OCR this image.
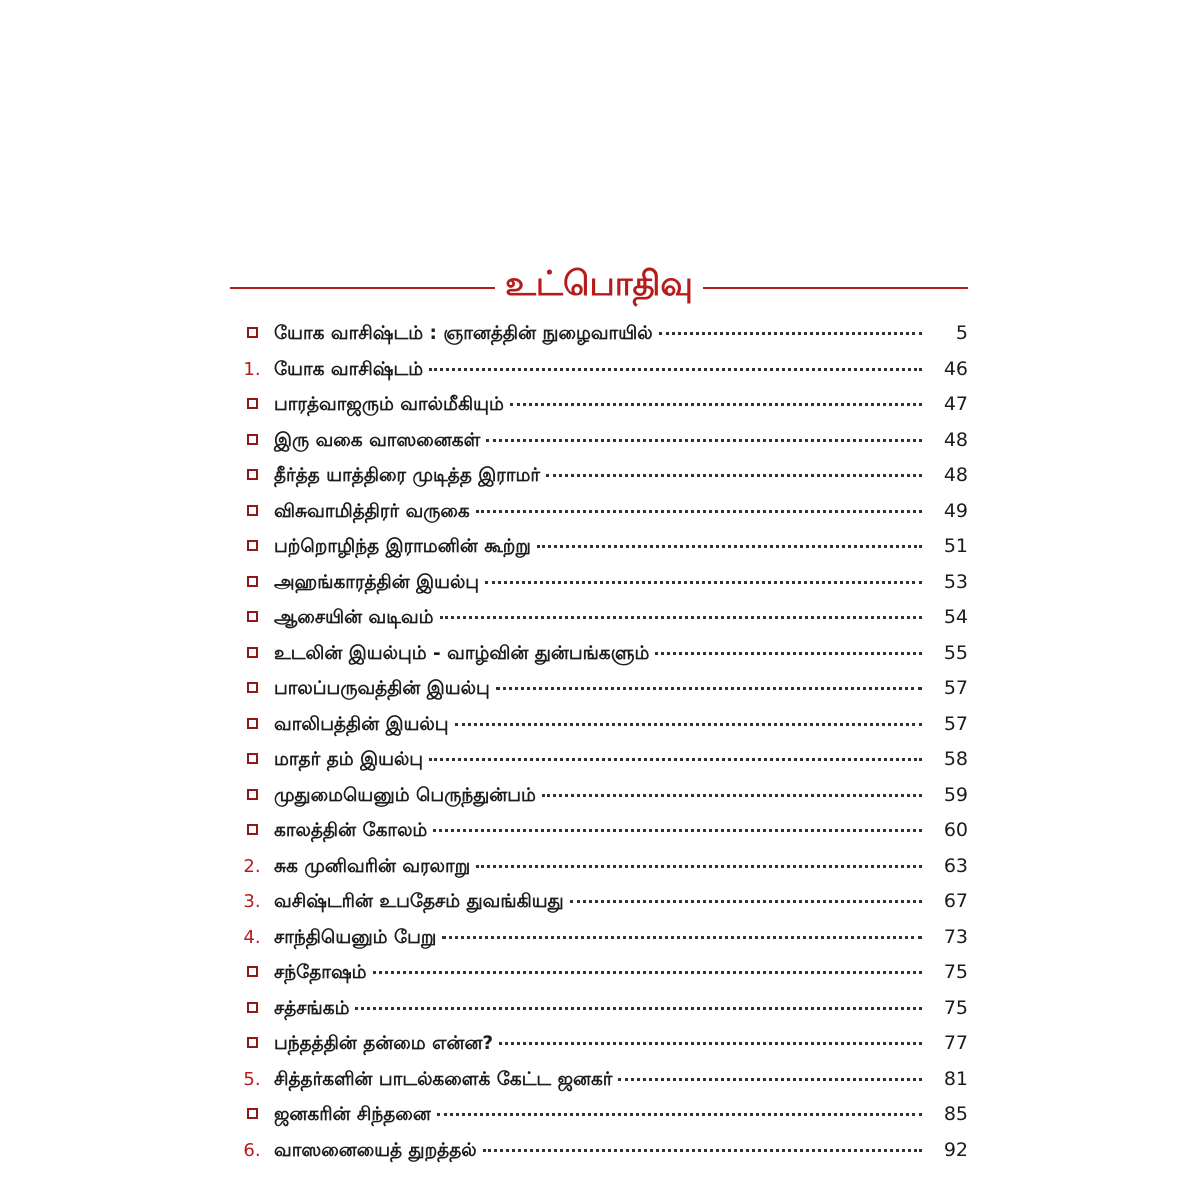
உட்பொதிவு
யோக வாசிஷ்டம் : ஞானத்தின் நுழைவாயில்	5
1. யோக வாசிஷ்டம்	46
பாரத்வாஜரும் வால்மீகியும்	47
இரு வகை வாஸனைகள்	48
தீர்த்த யாத்திரை முடித்த இராமர்	48
விசுவாமித்திரர் வருகை	49
பற்றொழிந்த இராமனின் கூற்று	51
அஹங்காரத்தின் இயல்பு	53
ஆசையின் வடிவம்	54
உடலின் இயல்பும் - வாழ்வின் துன்பங்களும்	55
பாலப்பருவத்தின் இயல்பு	57
வாலிபத்தின் இயல்பு	57
மாதர் தம் இயல்பு	58
முதுமையெனும் பெருந்துன்பம்	59
காலத்தின் கோலம்	60
2. சுக முனிவரின் வரலாறு	63
3. வசிஷ்டரின் உபதேசம் துவங்கியது	67
4. சாந்தியெனும் பேறு	73
சந்தோஷம்	75
சத்சங்கம்	75
பந்தத்தின் தன்மை என்ன?	77
5. சித்தர்களின் பாடல்களைக் கேட்ட ஜனகர்	81
ஜனகரின் சிந்தனை	85
6. வாஸனையைத் துறத்தல்	92
